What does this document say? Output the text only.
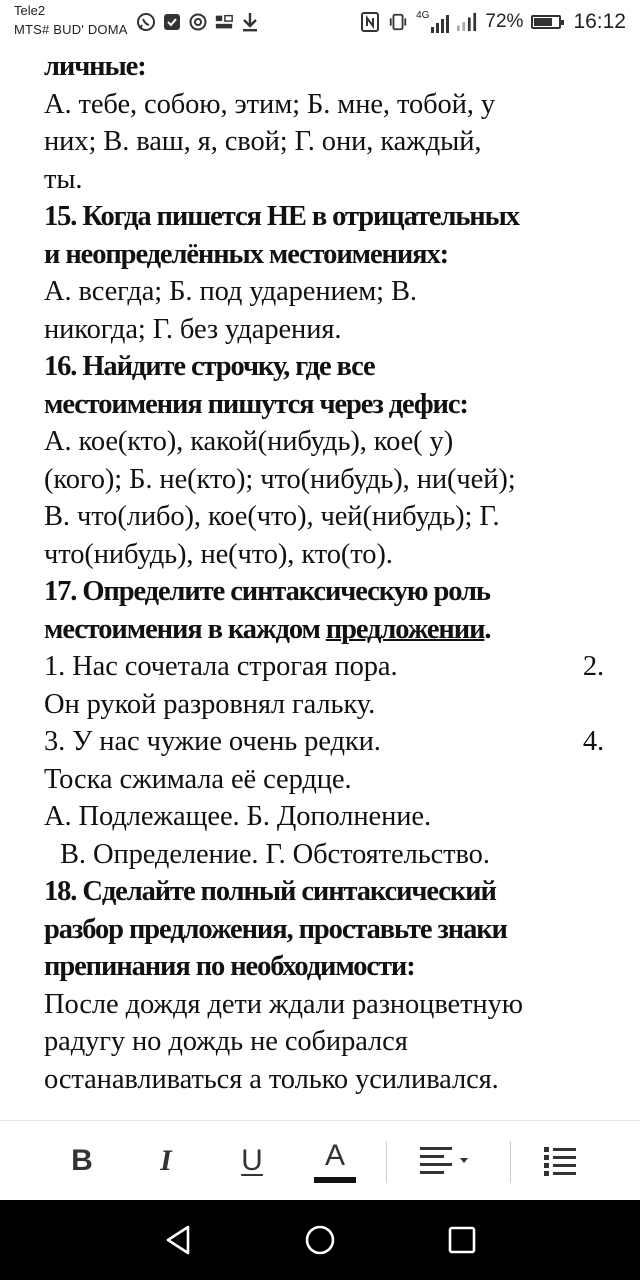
Tele2
MTS# BUD' DOMA
4G	72% 16:12
личные:
А. тебе, собою, этим; Б. мне, тобой, у
них; В. ваш, я, свой; Г. они, каждый,
ты.
15. Когда пишется НЕ в отрицательных
и неопределённых местоимениях:
А. всегда; Б. под ударением; В.
никогда; Г. без ударения.
16. Найдите строчку, где все
местоимения пишутся через дефис:
А. кое(кто), какой(нибудь), кое( у)
(кого); Б. не(кто); что(нибудь), ни(чей);
В. что(либо), кое(что), чей(нибудь); Г.
что(нибудь), не(что), кто(то).
17. Определите синтаксическую роль
местоимения в каждом предложении.
1. Нас сочетала строгая пора.	2.
Он рукой разровнял гальку.
3. У нас чужие очень редки.	4.
Тоска сжимала её сердце.
А. Подлежащее. Б. Дополнение.
В. Определение. Г. Обстоятельство.
18. Сделайте полный синтаксический
разбор предложения, проставьте знаки
препинания по необходимости:
После дождя дети ждали разноцветную
радугу но дождь не собирался
останавливаться а только усиливался.
B	I	U	A
